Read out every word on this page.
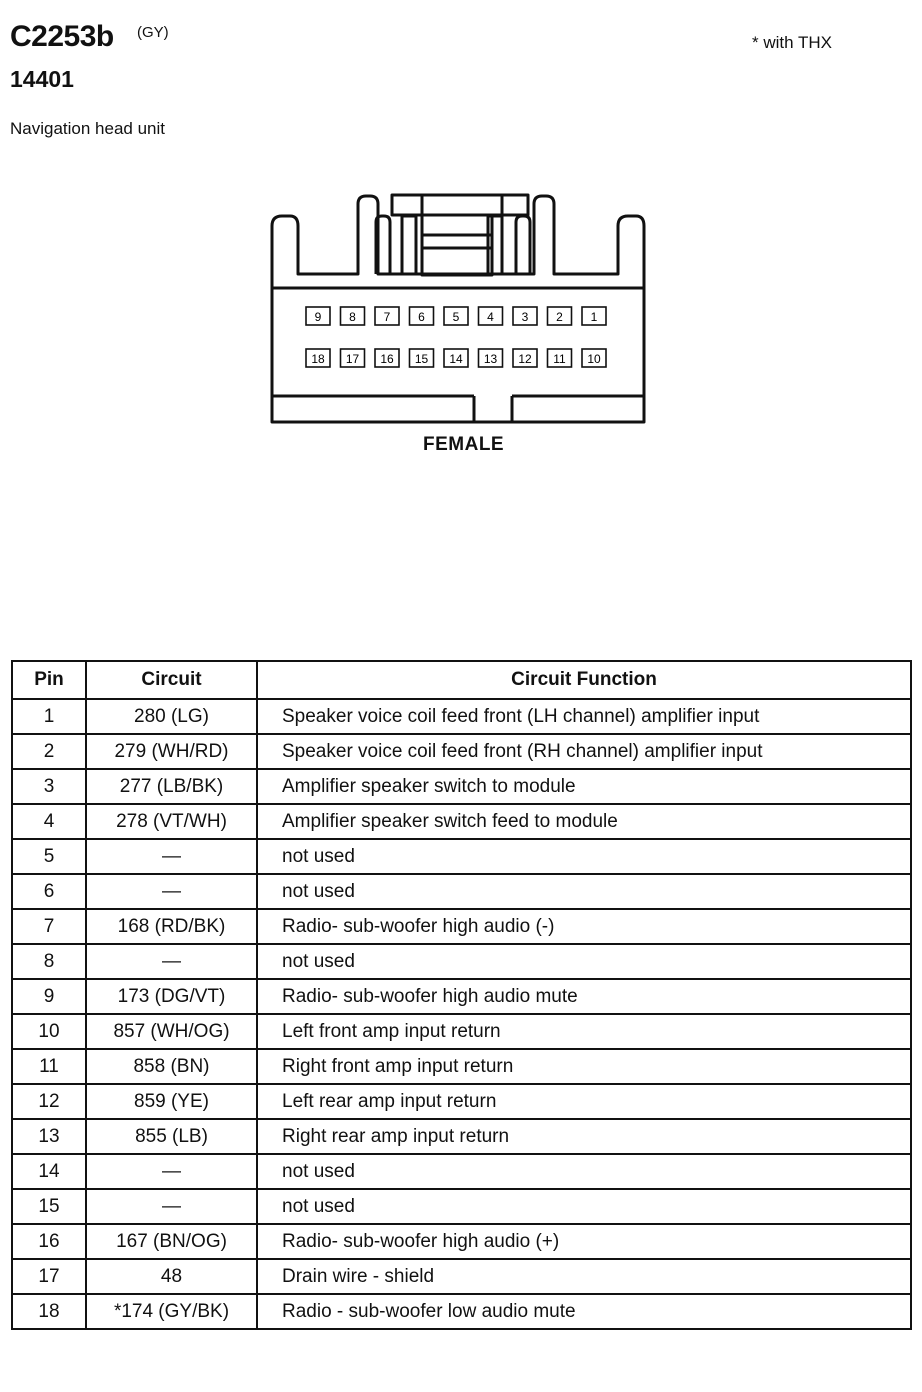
C2253b (GY)
14401
* with THX
Navigation head unit
9 8 7 6 5 4 3 2 1
18 17 16 15 14 13 12 11 10
FEMALE
Pin	Circuit	Circuit Function
1	280 (LG)	Speaker voice coil feed front (LH channel) amplifier input
2	279 (WH/RD)	Speaker voice coil feed front (RH channel) amplifier input
3	277 (LB/BK)	Amplifier speaker switch to module
4	278 (VT/WH)	Amplifier speaker switch feed to module
5	—	not used
6	—	not used
7	168 (RD/BK)	Radio- sub-woofer high audio (-)
8	—	not used
9	173 (DG/VT)	Radio- sub-woofer high audio mute
10	857 (WH/OG)	Left front amp input return
11	858 (BN)	Right front amp input return
12	859 (YE)	Left rear amp input return
13	855 (LB)	Right rear amp input return
14	—	not used
15	—	not used
16	167 (BN/OG)	Radio- sub-woofer high audio (+)
17	48	Drain wire - shield
18	*174 (GY/BK)	Radio - sub-woofer low audio mute
